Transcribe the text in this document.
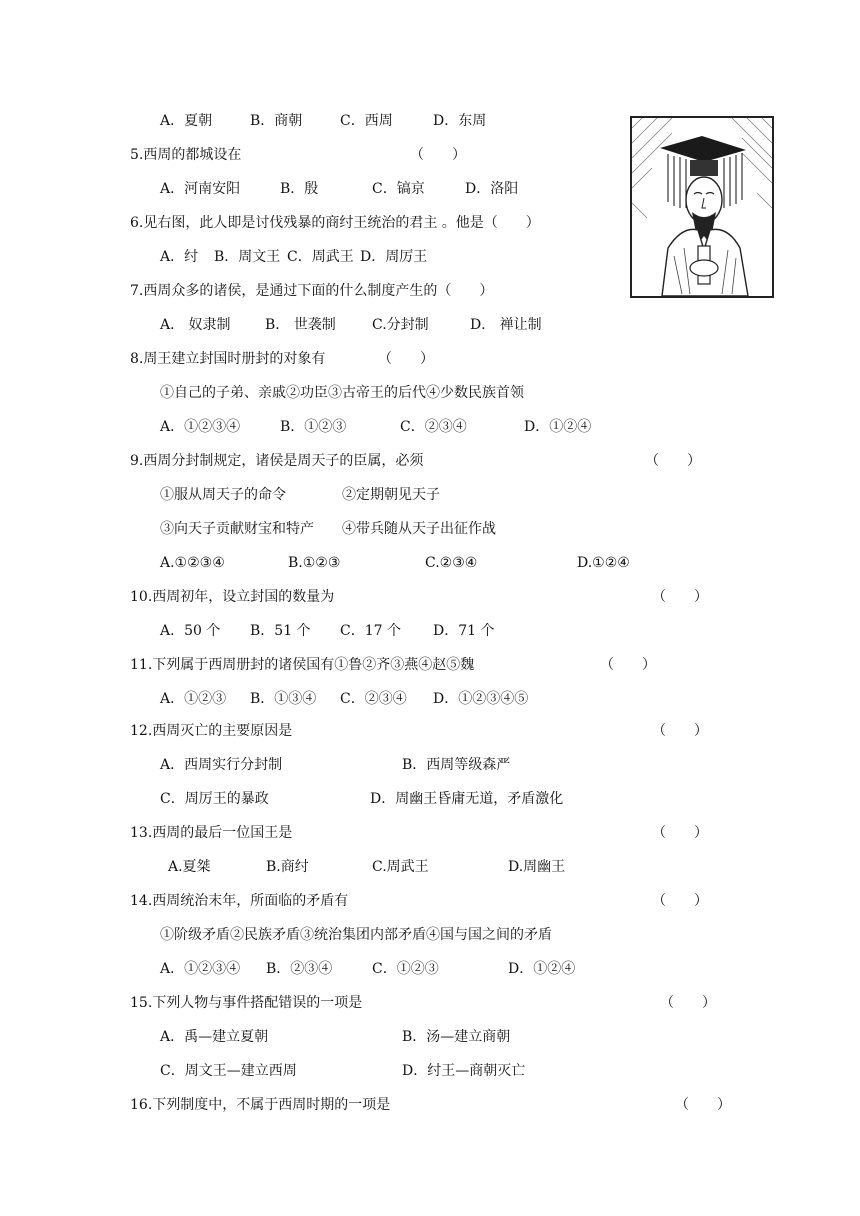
A．夏朝	B．商朝	C．西周	D．东周
5.西周的都城设在	（　　）
A．河南安阳	B．殷	C．镐京	D．洛阳
6.见右图，此人即是讨伐残暴的商纣王统治的君主 。他是（　　）
A．纣 B．周文王 C．周武王 D．周厉王
7.西周众多的诸侯，是通过下面的什么制度产生的（　　）
A． 奴隶制 B． 世袭制	C.分封制	D． 禅让制
8.周王建立封国时册封的对象有	（　　）
①自己的子弟、亲戚②功臣③古帝王的后代④少数民族首领
A．①②③④	B．①②③	C．②③④	D．①②④
9.西周分封制规定，诸侯是周天子的臣属，必须	（　　）
①服从周天子的命令	②定期朝见天子
③向天子贡献财宝和特产 ④带兵随从天子出征作战
A.①②③④	B.①②③	C.②③④	D.①②④
10.西周初年，设立封国的数量为	（　　）
A．50 个 B．51 个 C．17 个 D．71 个
11.下列属于西周册封的诸侯国有①鲁②齐③燕④赵⑤魏	（　　）
A．①②③ B．①③④ C．②③④ D．①②③④⑤
12.西周灭亡的主要原因是	（　　）
A．西周实行分封制	B．西周等级森严
C．周厉王的暴政	D．周幽王昏庸无道，矛盾激化
13.西周的最后一位国王是	（　　）
A.夏桀	B.商纣	C.周武王	D.周幽王
14.西周统治末年，所面临的矛盾有	（　　）
①阶级矛盾②民族矛盾③统治集团内部矛盾④国与国之间的矛盾
A．①②③④ B．②③④	C．①②③	D．①②④
15.下列人物与事件搭配错误的一项是	（　　）
A．禹—建立夏朝	B．汤—建立商朝
C．周文王—建立西周	D．纣王—商朝灭亡
16.下列制度中，不属于西周时期的一项是	（　　）
